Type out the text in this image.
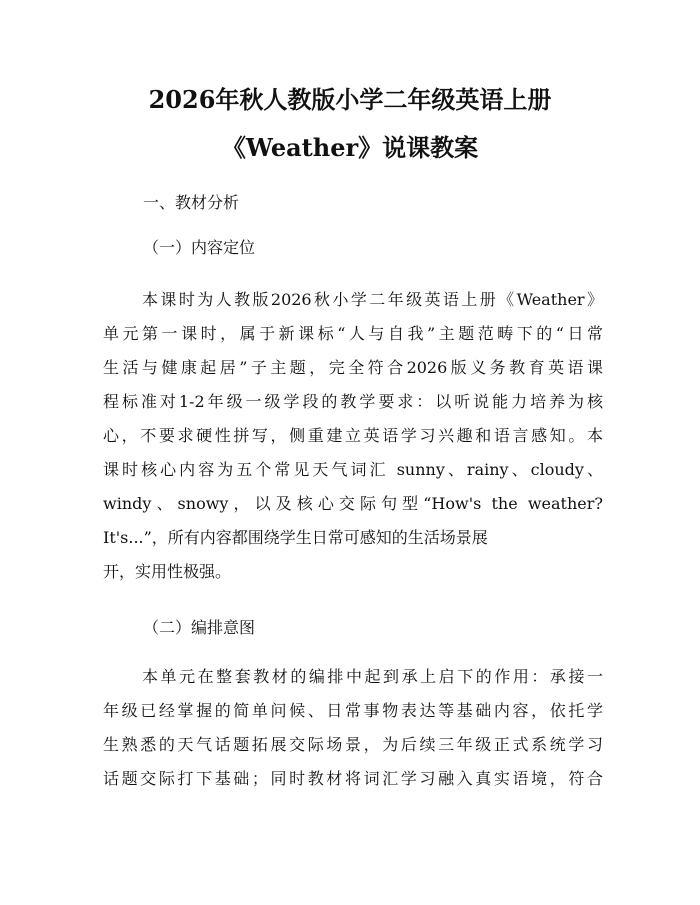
2026年秋人教版小学二年级英语上册
《Weather》说课教案
一、教材分析
（一）内容定位
本课时为人教版2026秋小学二年级英语上册《Weather》
单元第一课时，属于新课标“人与自我”主题范畴下的“日常
生活与健康起居”子主题，完全符合2026版义务教育英语课
程标准对1-2年级一级学段的教学要求：以听说能力培养为核
心，不要求硬性拼写，侧重建立英语学习兴趣和语言感知。本
课时核心内容为五个常见天气词汇 sunny、rainy、cloudy、
windy、snowy，以及核心交际句型“How's the weather?
It's...”，所有内容都围绕学生日常可感知的生活场景展
开，实用性极强。
（二）编排意图
本单元在整套教材的编排中起到承上启下的作用：承接一
年级已经掌握的简单问候、日常事物表达等基础内容，依托学
生熟悉的天气话题拓展交际场景，为后续三年级正式系统学习
话题交际打下基础；同时教材将词汇学习融入真实语境，符合
